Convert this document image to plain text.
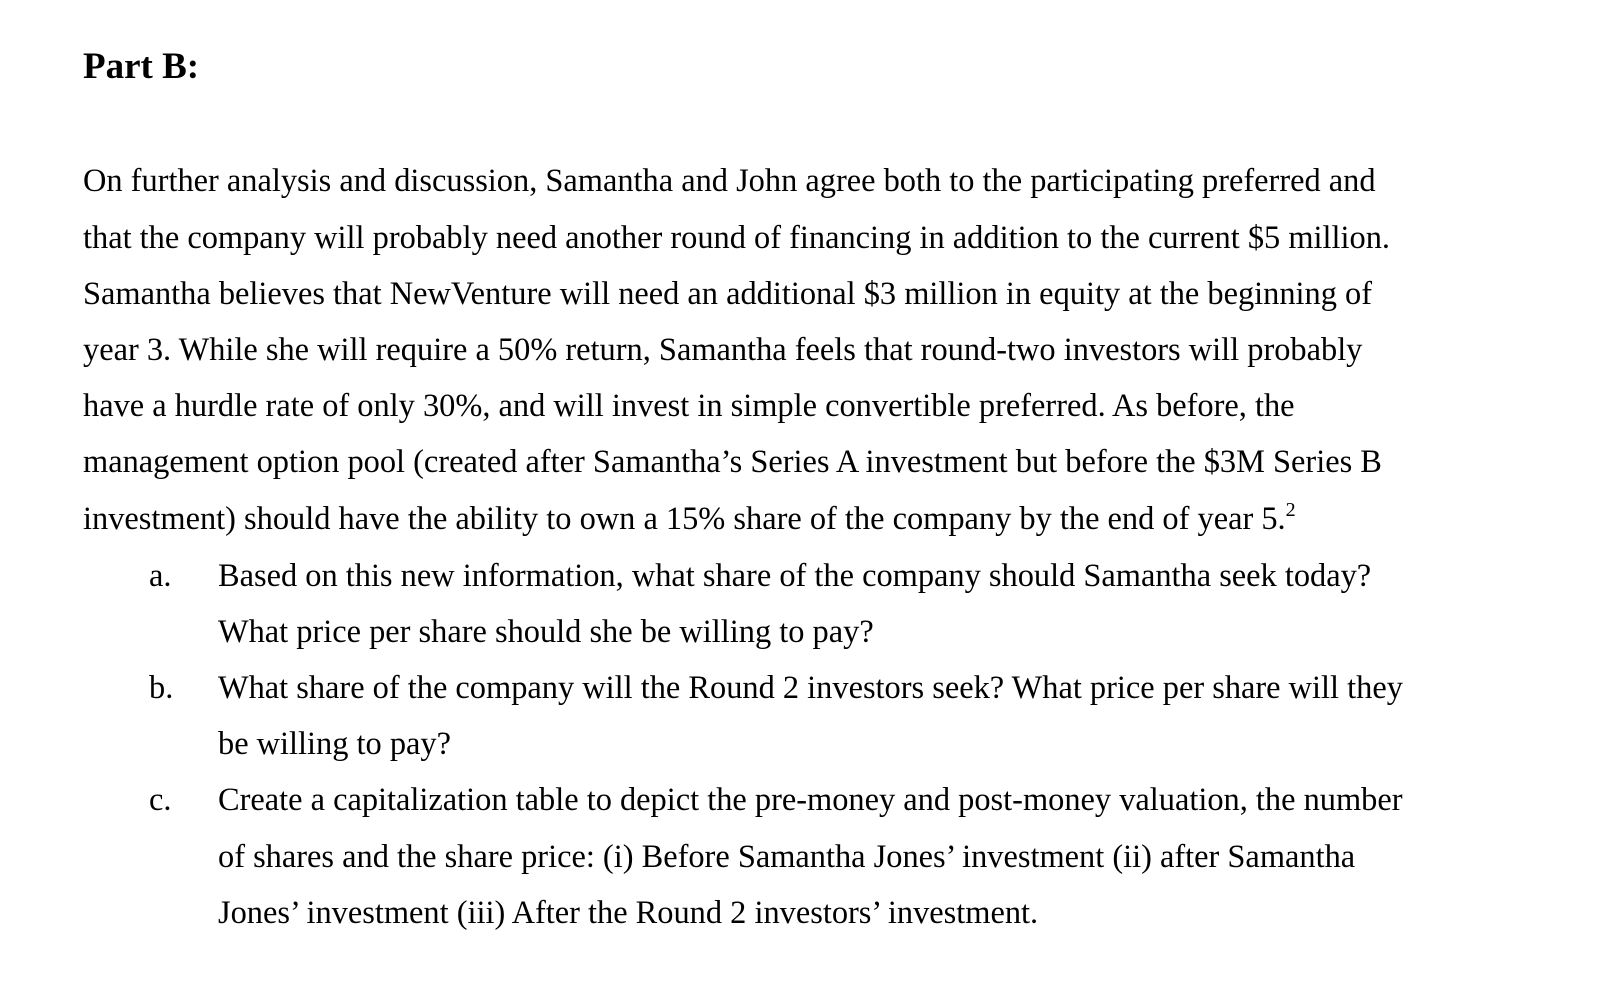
Part B:
On further analysis and discussion, Samantha and John agree both to the participating preferred and
that the company will probably need another round of financing in addition to the current $5 million.
Samantha believes that NewVenture will need an additional $3 million in equity at the beginning of
year 3. While she will require a 50% return, Samantha feels that round-two investors will probably
have a hurdle rate of only 30%, and will invest in simple convertible preferred. As before, the
management option pool (created after Samantha’s Series A investment but before the $3M Series B
investment) should have the ability to own a 15% share of the company by the end of year 5.$^2$
a. Based on this new information, what share of the company should Samantha seek today?
What price per share should she be willing to pay?
b. What share of the company will the Round 2 investors seek? What price per share will they
be willing to pay?
c. Create a capitalization table to depict the pre-money and post-money valuation, the number
of shares and the share price: (i) Before Samantha Jones’ investment (ii) after Samantha
Jones’ investment (iii) After the Round 2 investors’ investment.
